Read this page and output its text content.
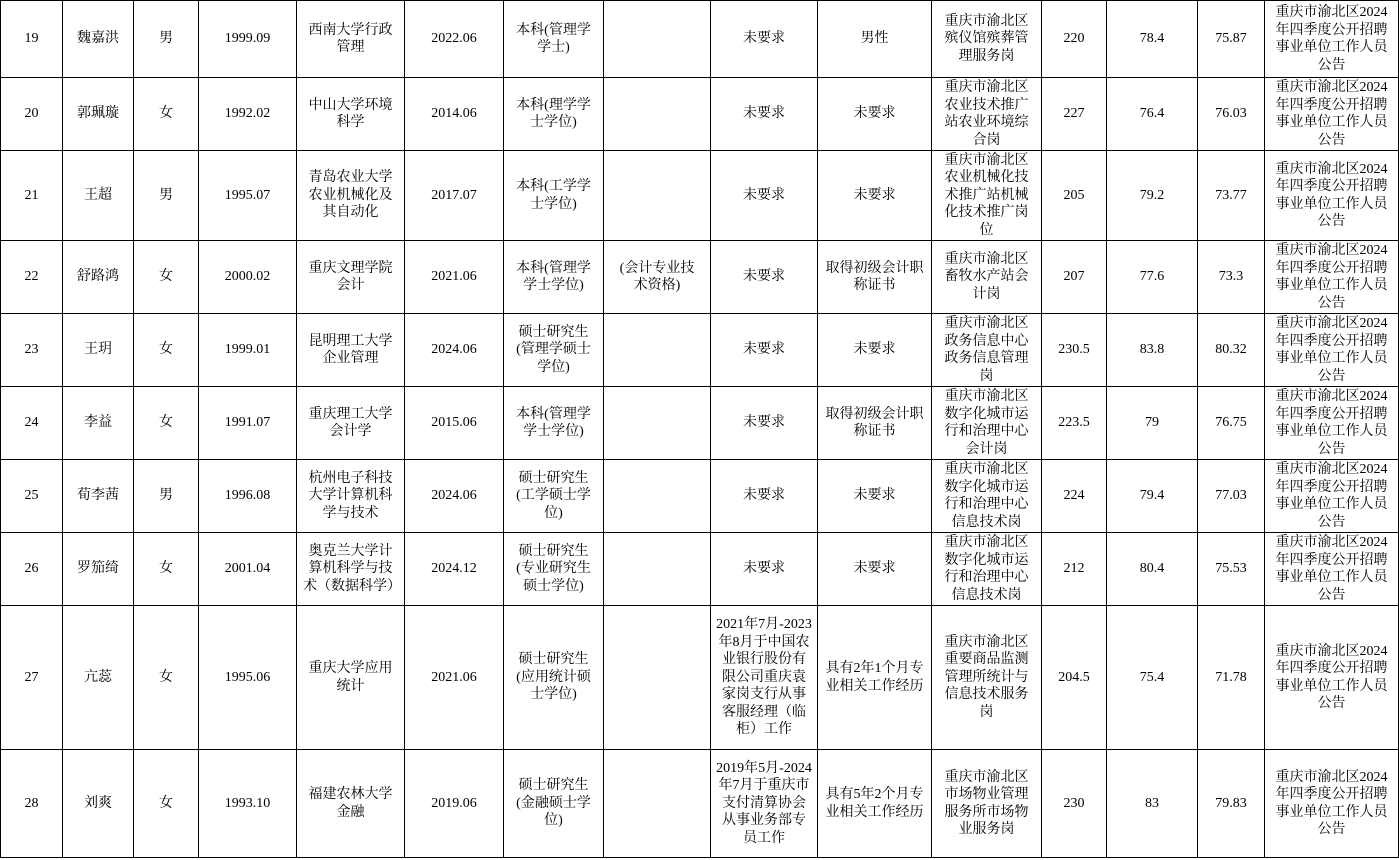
19	魏嘉洪	男	1999.09	西南大学行政管理	2022.06	本科(管理学学士)		未要求	男性	重庆市渝北区殡仪馆殡葬管理服务岗	220	78.4	75.87	重庆市渝北区2024年四季度公开招聘事业单位工作人员公告
20	郭珮璇	女	1992.02	中山大学环境科学	2014.06	本科(理学学士学位)		未要求	未要求	重庆市渝北区农业技术推广站农业环境综合岗	227	76.4	76.03	重庆市渝北区2024年四季度公开招聘事业单位工作人员公告
21	王超	男	1995.07	青岛农业大学农业机械化及其自动化	2017.07	本科(工学学士学位)		未要求	未要求	重庆市渝北区农业机械化技术推广站机械化技术推广岗位	205	79.2	73.77	重庆市渝北区2024年四季度公开招聘事业单位工作人员公告
22	舒路鸿	女	2000.02	重庆文理学院会计	2021.06	本科(管理学学士学位)	(会计专业技术资格)	未要求	取得初级会计职称证书	重庆市渝北区畜牧水产站会计岗	207	77.6	73.3	重庆市渝北区2024年四季度公开招聘事业单位工作人员公告
23	王玥	女	1999.01	昆明理工大学企业管理	2024.06	硕士研究生(管理学硕士学位)		未要求	未要求	重庆市渝北区政务信息中心政务信息管理岗	230.5	83.8	80.32	重庆市渝北区2024年四季度公开招聘事业单位工作人员公告
24	李益	女	1991.07	重庆理工大学会计学	2015.06	本科(管理学学士学位)		未要求	取得初级会计职称证书	重庆市渝北区数字化城市运行和治理中心会计岗	223.5	79	76.75	重庆市渝北区2024年四季度公开招聘事业单位工作人员公告
25	荀李茜	男	1996.08	杭州电子科技大学计算机科学与技术	2024.06	硕士研究生(工学硕士学位)		未要求	未要求	重庆市渝北区数字化城市运行和治理中心信息技术岗	224	79.4	77.03	重庆市渝北区2024年四季度公开招聘事业单位工作人员公告
26	罗笳绮	女	2001.04	奥克兰大学计算机科学与技术（数据科学）	2024.12	硕士研究生(专业研究生硕士学位)		未要求	未要求	重庆市渝北区数字化城市运行和治理中心信息技术岗	212	80.4	75.53	重庆市渝北区2024年四季度公开招聘事业单位工作人员公告
27	亢蕊	女	1995.06	重庆大学应用统计	2021.06	硕士研究生(应用统计硕士学位)		2021年7月-2023年8月于中国农业银行股份有限公司重庆袁家岗支行从事客服经理（临柜）工作	具有2年1个月专业相关工作经历	重庆市渝北区重要商品监测管理所统计与信息技术服务岗	204.5	75.4	71.78	重庆市渝北区2024年四季度公开招聘事业单位工作人员公告
28	刘爽	女	1993.10	福建农林大学金融	2019.06	硕士研究生(金融硕士学位)		2019年5月-2024年7月于重庆市支付清算协会从事业务部专员工作	具有5年2个月专业相关工作经历	重庆市渝北区市场物业管理服务所市场物业服务岗	230	83	79.83	重庆市渝北区2024年四季度公开招聘事业单位工作人员公告
